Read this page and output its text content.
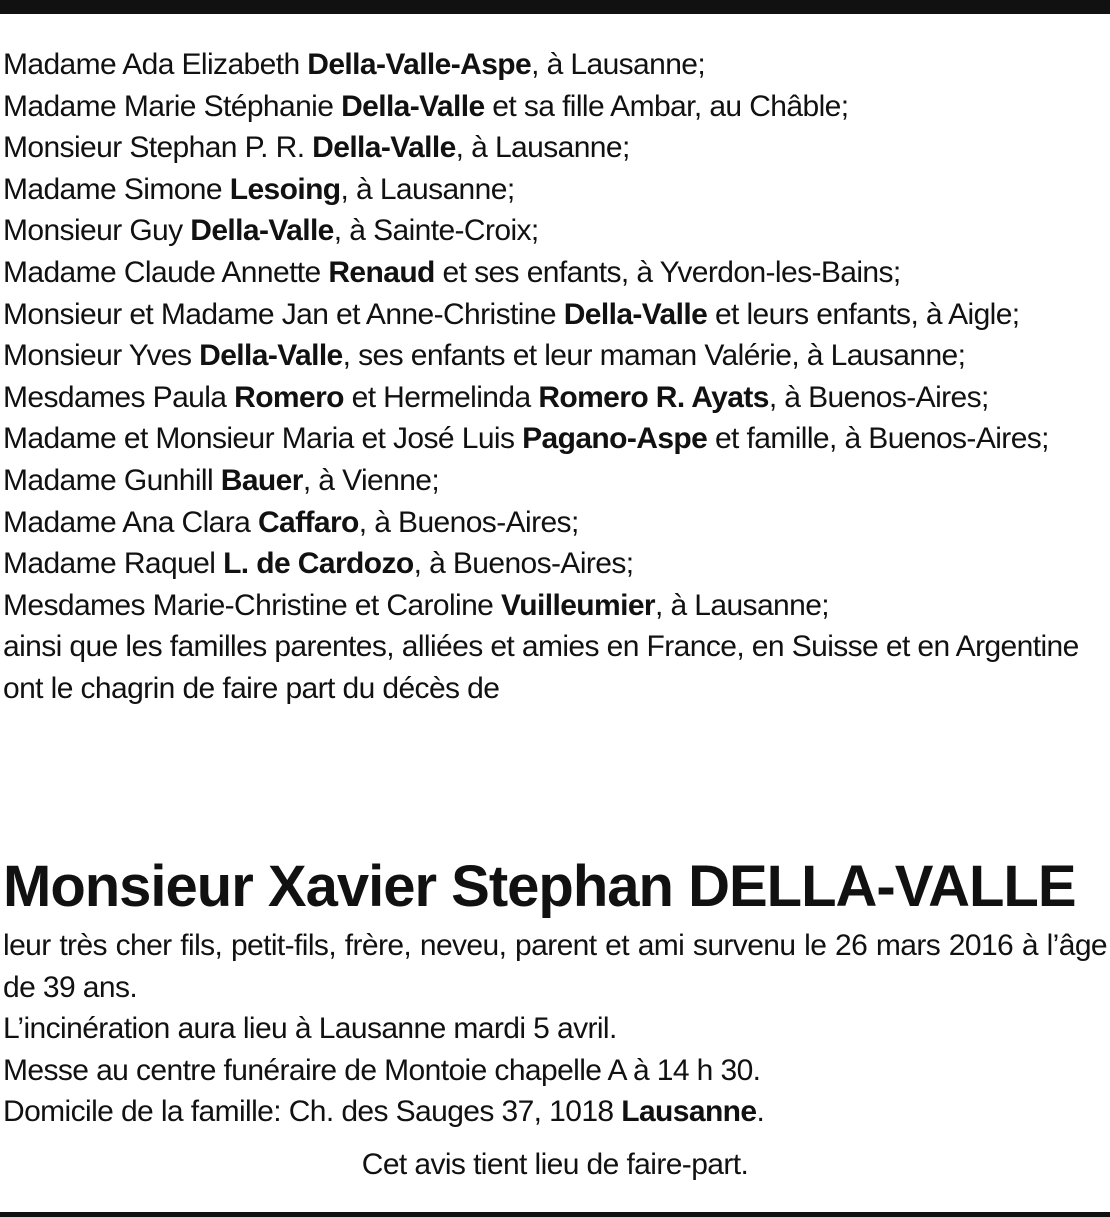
Madame Ada Elizabeth Della-Valle-Aspe, à Lausanne;
Madame Marie Stéphanie Della-Valle et sa fille Ambar, au Châble;
Monsieur Stephan P. R. Della-Valle, à Lausanne;
Madame Simone Lesoing, à Lausanne;
Monsieur Guy Della-Valle, à Sainte-Croix;
Madame Claude Annette Renaud et ses enfants, à Yverdon-les-Bains;
Monsieur et Madame Jan et Anne-Christine Della-Valle et leurs enfants, à Aigle;
Monsieur Yves Della-Valle, ses enfants et leur maman Valérie, à Lausanne;
Mesdames Paula Romero et Hermelinda Romero R. Ayats, à Buenos-Aires;
Madame et Monsieur Maria et José Luis Pagano-Aspe et famille, à Buenos-Aires;
Madame Gunhill Bauer, à Vienne;
Madame Ana Clara Caffaro, à Buenos-Aires;
Madame Raquel L. de Cardozo, à Buenos-Aires;
Mesdames Marie-Christine et Caroline Vuilleumier, à Lausanne;
ainsi que les familles parentes, alliées et amies en France, en Suisse et en Argentine
ont le chagrin de faire part du décès de
Monsieur Xavier Stephan DELLA-VALLE
leur très cher fils, petit-fils, frère, neveu, parent et ami survenu le 26 mars 2016 à l’âge de 39 ans.
L’incinération aura lieu à Lausanne mardi 5 avril.
Messe au centre funéraire de Montoie chapelle A à 14 h 30.
Domicile de la famille: Ch. des Sauges 37, 1018 Lausanne.
Cet avis tient lieu de faire-part.
